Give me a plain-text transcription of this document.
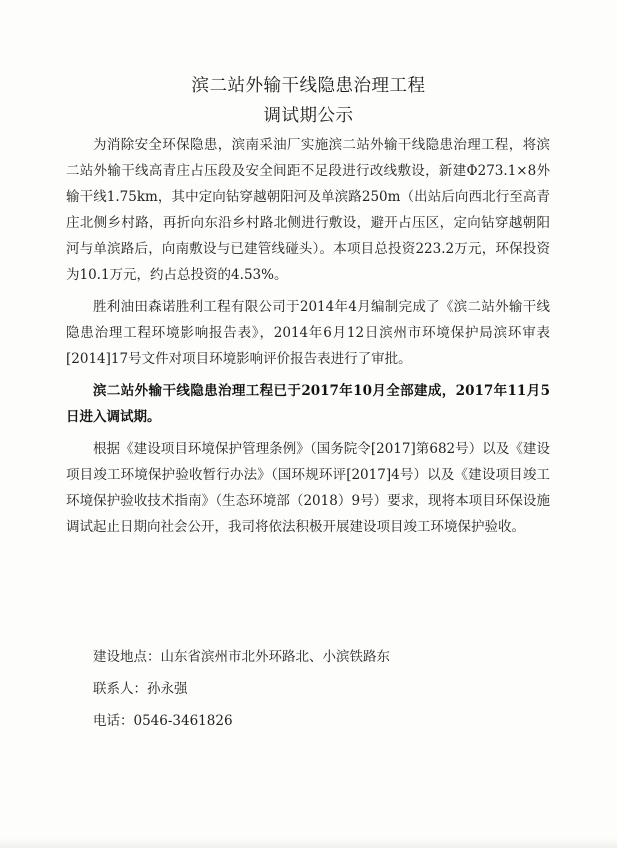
滨二站外输干线隐患治理工程
调试期公示

为消除安全环保隐患，滨南采油厂实施滨二站外输干线隐患治理工程，将滨二站外输干线高青庄占压段及安全间距不足段进行改线敷设，新建Φ273.1×8外输干线1.75km，其中定向钻穿越朝阳河及单滨路250m（出站后向西北行至高青庄北侧乡村路，再折向东沿乡村路北侧进行敷设，避开占压区，定向钻穿越朝阳河与单滨路后，向南敷设与已建管线碰头）。本项目总投资223.2万元，环保投资为10.1万元，约占总投资的4.53%。

胜利油田森诺胜利工程有限公司于2014年4月编制完成了《滨二站外输干线隐患治理工程环境影响报告表》，2014年6月12日滨州市环境保护局滨环审表[2014]17号文件对项目环境影响评价报告表进行了审批。

滨二站外输干线隐患治理工程已于2017年10月全部建成，2017年11月5日进入调试期。

根据《建设项目环境保护管理条例》（国务院令[2017]第682号）以及《建设项目竣工环境保护验收暂行办法》（国环规环评[2017]4号）以及《建设项目竣工环境保护验收技术指南》（生态环境部（2018）9号）要求，现将本项目环保设施调试起止日期向社会公开，我司将依法积极开展建设项目竣工环境保护验收。

建设地点：山东省滨州市北外环路北、小滨铁路东
联系人：孙永强
电话：0546-3461826
